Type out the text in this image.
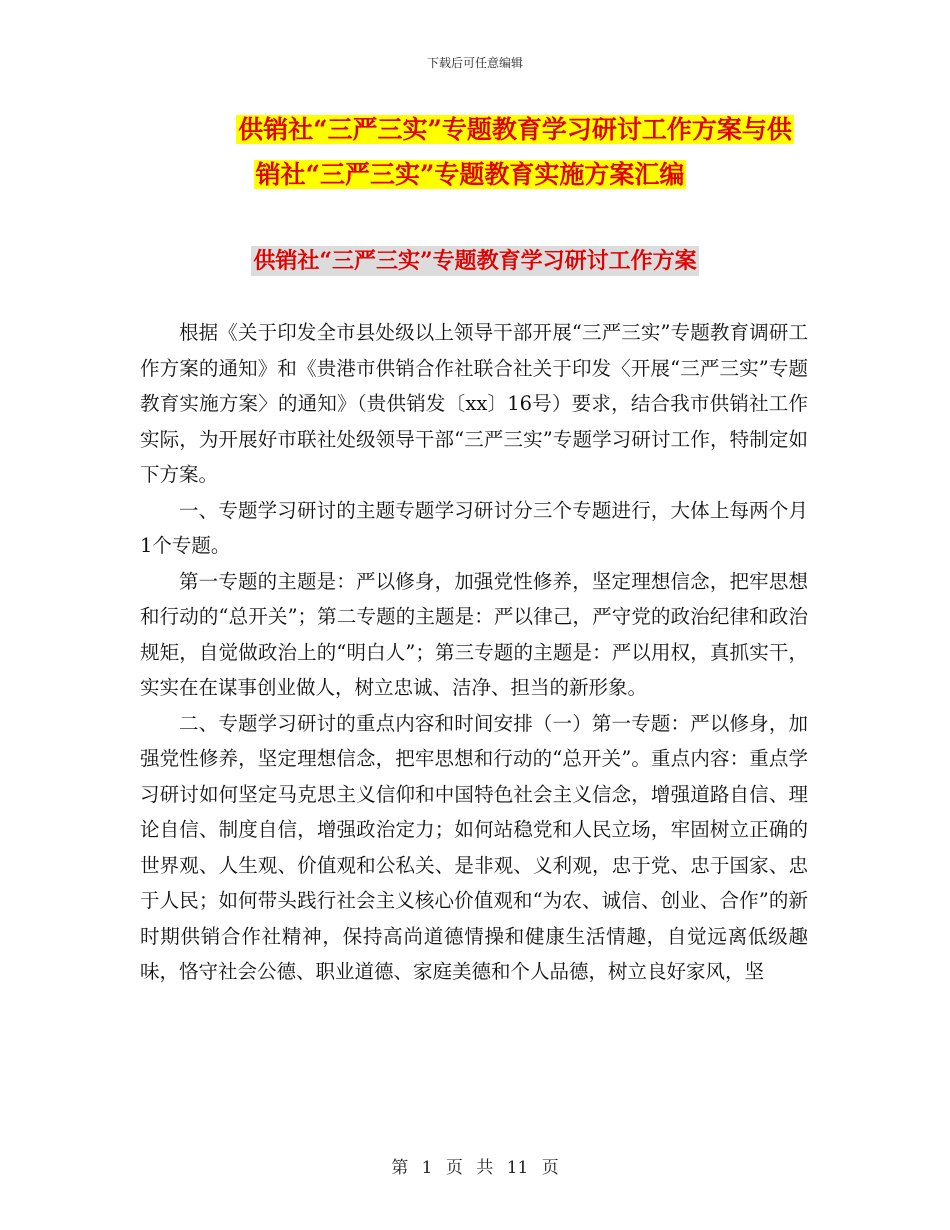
下载后可任意编辑
供销社“三严三实”专题教育学习研讨工作方案与供
销社“三严三实”专题教育实施方案汇编
供销社“三严三实”专题教育学习研讨工作方案

根据《关于印发全市县处级以上领导干部开展“三严三实”专题教育调研工作方案的通知》和《贵港市供销合作社联合社关于印发〈开展“三严三实”专题教育实施方案〉的通知》（贵供销发〔xx〕16号）要求，结合我市供销社工作实际，为开展好市联社处级领导干部“三严三实”专题学习研讨工作，特制定如下方案。

一、专题学习研讨的主题专题学习研讨分三个专题进行，大体上每两个月1个专题。

第一专题的主题是：严以修身，加强党性修养，坚定理想信念，把牢思想和行动的“总开关”；第二专题的主题是：严以律己，严守党的政治纪律和政治规矩，自觉做政治上的“明白人”；第三专题的主题是：严以用权，真抓实干，实实在在谋事创业做人，树立忠诚、洁净、担当的新形象。

二、专题学习研讨的重点内容和时间安排（一）第一专题：严以修身，加强党性修养，坚定理想信念，把牢思想和行动的“总开关”。重点内容：重点学习研讨如何坚定马克思主义信仰和中国特色社会主义信念，增强道路自信、理论自信、制度自信，增强政治定力；如何站稳党和人民立场，牢固树立正确的世界观、人生观、价值观和公私关、是非观、义利观，忠于党、忠于国家、忠于人民；如何带头践行社会主义核心价值观和“为农、诚信、创业、合作”的新时期供销合作社精神，保持高尚道德情操和健康生活情趣，自觉远离低级趣味，恪守社会公德、职业道德、家庭美德和个人品德，树立良好家风，坚

第 1 页 共 11 页
